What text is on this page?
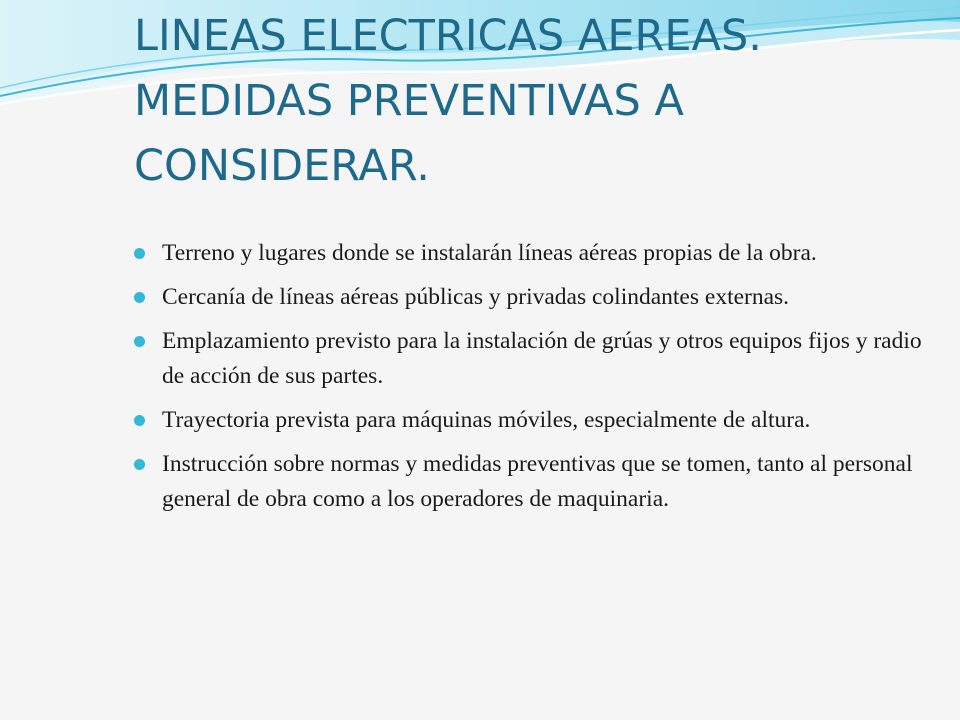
LINEAS ELECTRICAS AEREAS.
MEDIDAS PREVENTIVAS A
CONSIDERAR.
Terreno y lugares donde se instalarán líneas aéreas propias de la obra.
Cercanía de líneas aéreas públicas y privadas colindantes externas.
Emplazamiento previsto para la instalación de grúas y otros equipos fijos y radio de acción de sus partes.
Trayectoria prevista para máquinas móviles, especialmente de altura.
Instrucción sobre normas y medidas preventivas que se tomen, tanto al personal general de obra como a los operadores de maquinaria.
